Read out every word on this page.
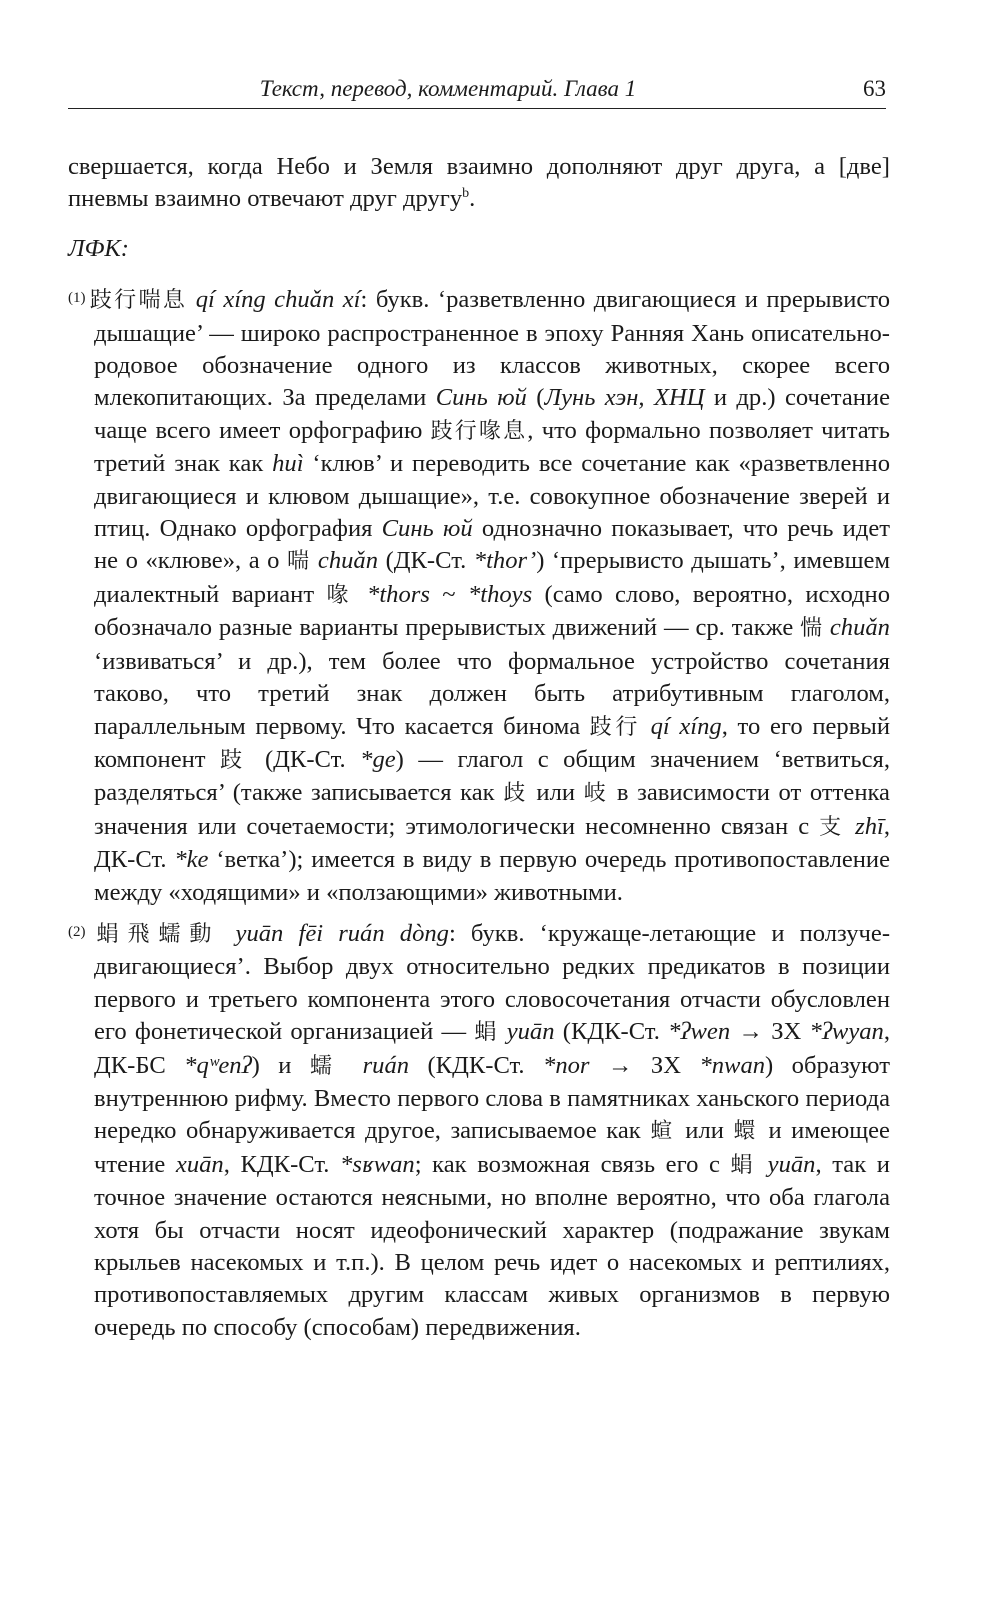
Текст, перевод, комментарий. Глава 1	63

свершается, когда Небо и Земля взаимно дополняют друг друга, а [две] пневмы взаимно отвечают друг другу$^b$.

ЛФК:

$^{(1)}$跂行喘息 qí xíng chuǎn xí: букв. ‘разветвленно двигающиеся и прерывисто дышащие’ — широко распространенное в эпоху Ранняя Хань описательно-родовое обозначение одного из классов животных, скорее всего млекопитающих. За пределами Синь юй (Лунь хэн, ХНЦ и др.) сочетание чаще всего имеет орфографию 跂行喙息, что формально позволяет читать третий знак как huì ‘клюв’ и переводить все сочетание как «разветвленно двигающиеся и клювом дышащие», т.е. совокупное обозначение зверей и птиц. Однако орфография Синь юй однозначно показывает, что речь идет не о «клюве», а о 喘 chuǎn (ДК-Ст. *thor’) ‘прерывисто дышать’, имевшем диалектный вариант 喙 *thors ~ *thoys (само слово, вероятно, исходно обозначало разные варианты прерывистых движений — ср. также 惴 chuǎn ‘извиваться’ и др.), тем более что формальное устройство сочетания таково, что третий знак должен быть атрибутивным глаголом, параллельным первому. Что касается бинома 跂行 qí xíng, то его первый компонент 跂 (ДК-Ст. *ge) — глагол с общим значением ‘ветвиться, разделяться’ (также записывается как 歧 или 岐 в зависимости от оттенка значения или сочетаемости; этимологически несомненно связан с 支 zhī, ДК-Ст. *ke ‘ветка’); имеется в виду в первую очередь противопоставление между «ходящими» и «ползающими» животными.

$^{(2)}$蜎飛蠕動 yuān fēi ruán dòng: букв. ‘кружаще-летающие и ползуче-двигающиеся’. Выбор двух относительно редких предикатов в позиции первого и третьего компонента этого словосочетания отчасти обусловлен его фонетической организацией — 蜎 yuān (КДК-Ст. *ʔwen → ЗХ *ʔwyan, ДК-БС *qʷenʔ) и 蠕 ruán (КДК-Ст. *nor → ЗХ *nwan) образуют внутреннюю рифму. Вместо первого слова в памятниках ханьского периода нередко обнаруживается другое, записываемое как 蝖 или 蠉 и имеющее чтение xuān, КДК-Ст. *sʁwan; как возможная связь его с 蜎 yuān, так и точное значение остаются неясными, но вполне вероятно, что оба глагола хотя бы отчасти носят идеофонический характер (подражание звукам крыльев насекомых и т.п.). В целом речь идет о насекомых и рептилиях, противопоставляемых другим классам живых организмов в первую очередь по способу (способам) передвижения.
